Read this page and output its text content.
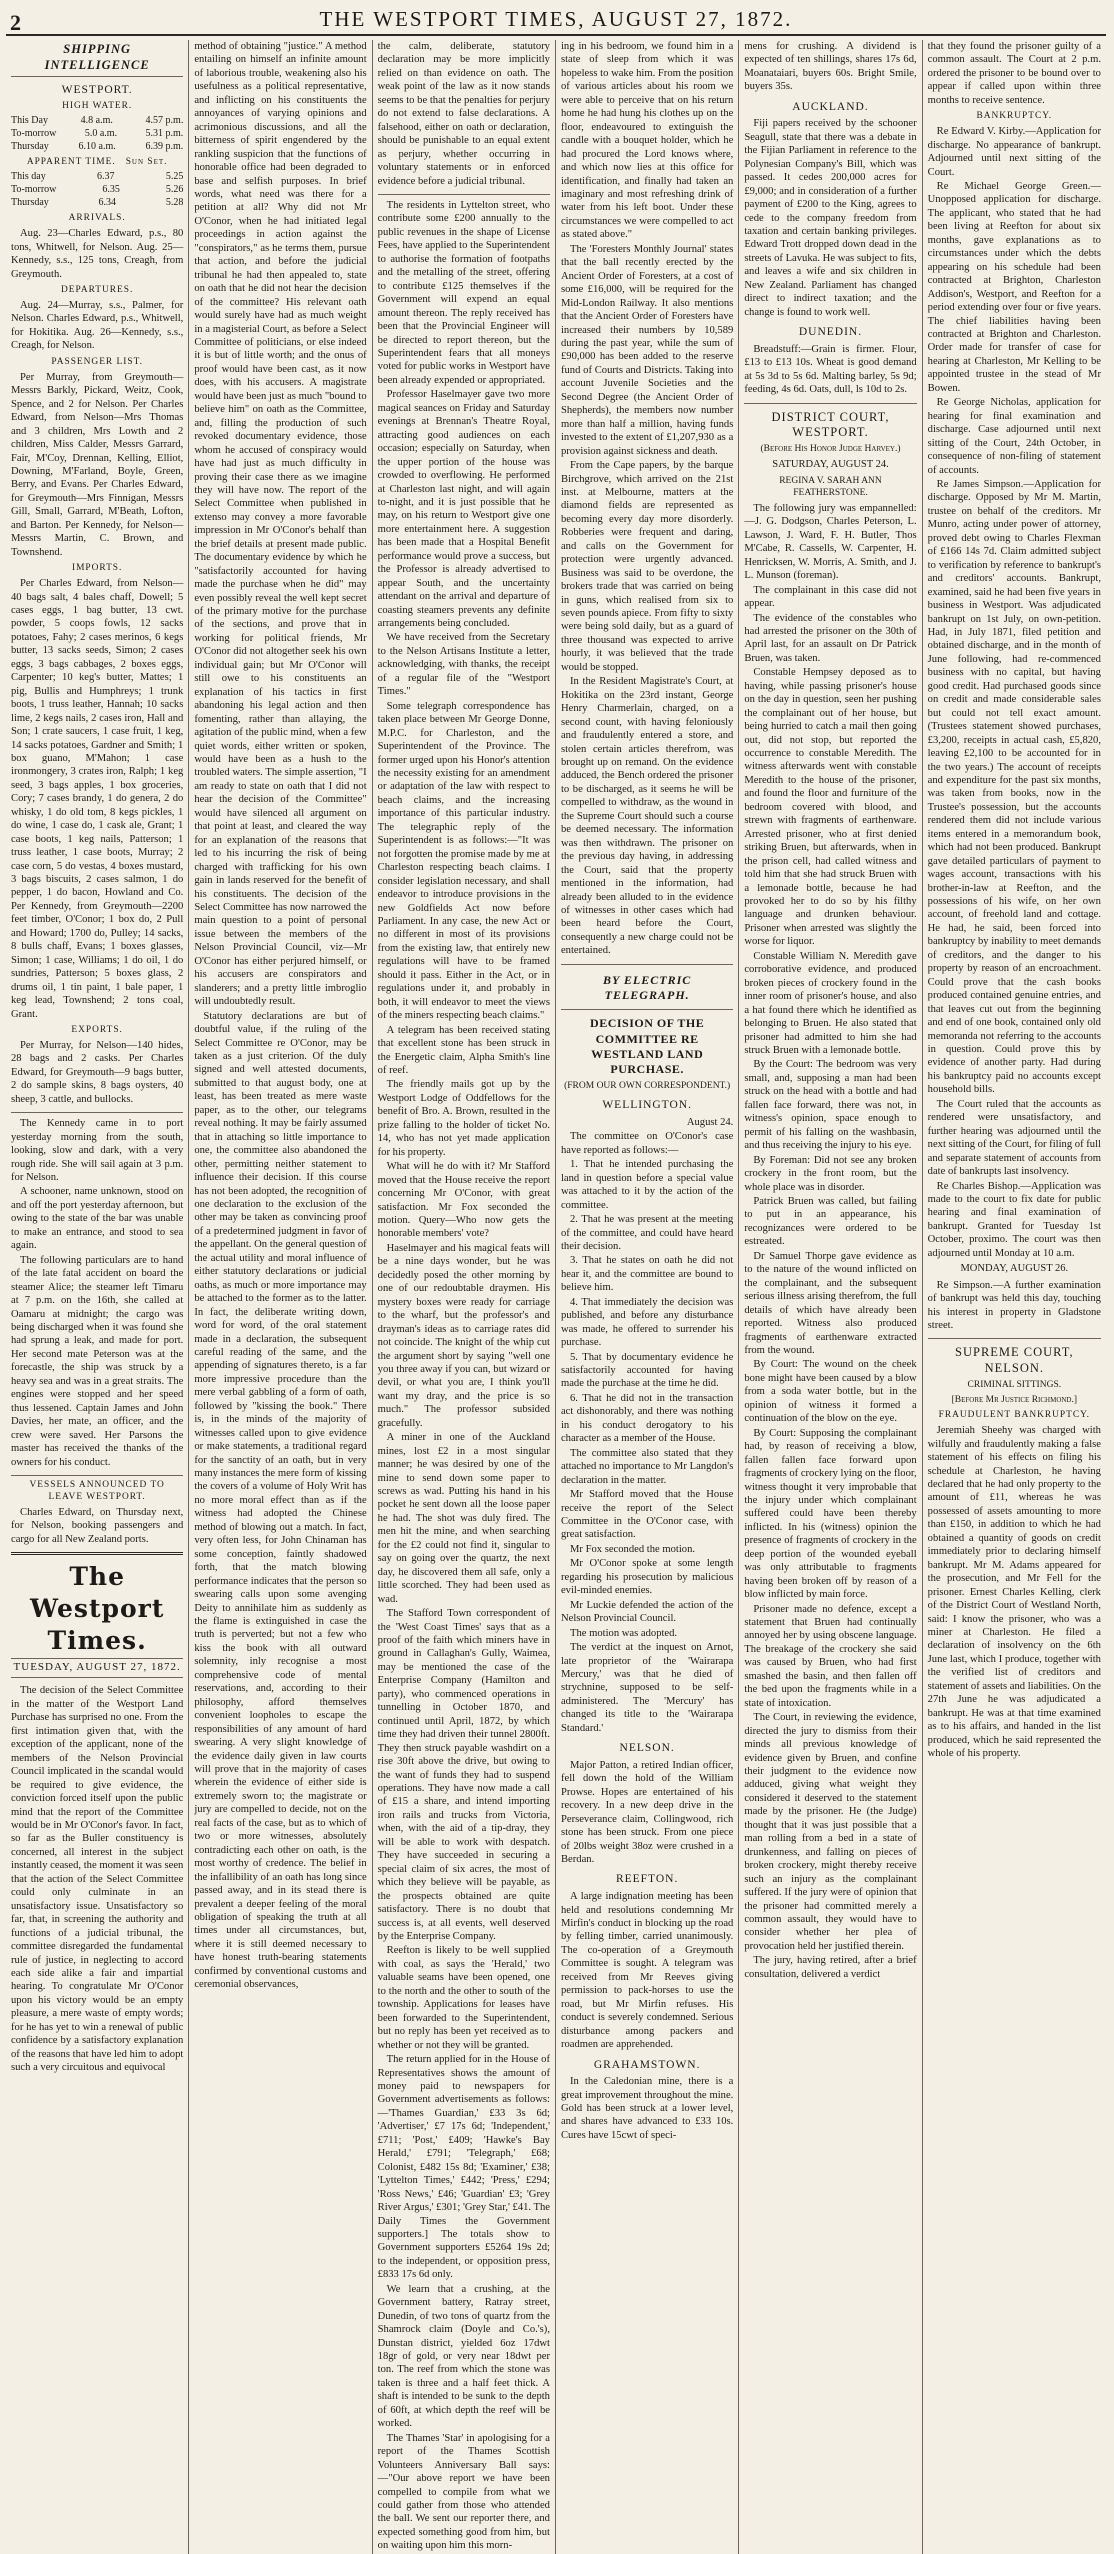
2	THE WESTPORT TIMES, AUGUST 27, 1872.
SHIPPING INTELLIGENCE
WESTPORT.
HIGH WATER.
This Day	4.8 a.m.	4.57 p.m.
To-morrow	5.0 a.m.	5.31 p.m.
Thursday	6.10 a.m.	6.39 p.m.
APPARENT TIME. Sun Set.
This day	6.37	5.25
To-morrow	6.35	5.26
Thursday	6.34	5.28
ARRIVALS.

Aug. 23—Charles Edward, p.s., 80 tons, Whitwell, for Nelson. Aug. 25—Kennedy, s.s., 125 tons, Creagh, from Greymouth.

DEPARTURES.

Aug. 24—Murray, s.s., Palmer, for Nelson. Charles Edward, p.s., Whitwell, for Hokitika. Aug. 26—Kennedy, s.s., Creagh, for Nelson.

PASSENGER LIST.

Per Murray, from Greymouth—Messrs Barkly, Pickard, Weitz, Cook, Spence, and 2 for Nelson. Per Charles Edward, from Nelson—Mrs Thomas and 3 children, Mrs Lowth and 2 children, Miss Calder, Messrs Garrard, Fair, M'Coy, Drennan, Kelling, Elliot, Downing, M'Farland, Boyle, Green, Berry, and Evans. Per Charles Edward, for Greymouth—Mrs Finnigan, Messrs Gill, Small, Garrard, M'Beath, Lofton, and Barton. Per Kennedy, for Nelson—Messrs Martin, C. Brown, and Townshend.

IMPORTS.

Per Charles Edward, from Nelson—40 bags salt, 4 bales chaff, Dowell; 5 cases eggs, 1 bag butter, 13 cwt. powder, 5 coops fowls, 12 sacks potatoes, Fahy; 2 cases merinos, 6 kegs butter, 13 sacks seeds, Simon; 2 cases eggs, 3 bags cabbages, 2 boxes eggs, Carpenter; 10 keg's butter, Mattes; 1 pig, Bullis and Humphreys; 1 trunk boots, 1 truss leather, Hannah; 10 sacks lime, 2 kegs nails, 2 cases iron, Hall and Son; 1 crate saucers, 1 case fruit, 1 keg, 14 sacks potatoes, Gardner and Smith; 1 box guano, M'Mahon; 1 case ironmongery, 3 crates iron, Ralph; 1 keg seed, 3 bags apples, 1 box groceries, Cory; 7 cases brandy, 1 do genera, 2 do whisky, 1 do old tom, 8 kegs pickles, 1 do wine, 1 case do, 1 cask ale, Grant; 1 case boots, 1 keg nails, Patterson; 1 truss leather, 1 case boots, Murray; 2 case corn, 5 do vestas, 4 boxes mustard, 3 bags biscuits, 2 cases salmon, 1 do pepper, 1 do bacon, Howland and Co. Per Kennedy, from Greymouth—2200 feet timber, O'Conor; 1 box do, 2 Pull and Howard; 1700 do, Pulley; 14 sacks, 8 bulls chaff, Evans; 1 boxes glasses, Simon; 1 case, Williams; 1 do oil, 1 do sundries, Patterson; 5 boxes glass, 2 drums oil, 1 tin paint, 1 bale paper, 1 keg lead, Townshend; 2 tons coal, Grant.

EXPORTS.

Per Murray, for Nelson—140 hides, 28 bags and 2 casks. Per Charles Edward, for Greymouth—9 bags butter, 2 do sample skins, 8 bags oysters, 40 sheep, 3 cattle, and bullocks.

The Kennedy came in to port yesterday morning from the south, looking, slow and dark, with a very rough ride. She will sail again at 3 p.m. for Nelson.

A schooner, name unknown, stood on and off the port yesterday afternoon, but owing to the state of the bar was unable to make an entrance, and stood to sea again.

The following particulars are to hand of the late fatal accident on board the steamer Alice; the steamer left Timaru at 7 p.m. on the 16th, she called at Oamaru at midnight; the cargo was being discharged when it was found she had sprung a leak, and made for port. Her second mate Peterson was at the forecastle, the ship was struck by a heavy sea and was in a great straits. The engines were stopped and her speed thus lessened. Captain James and John Davies, her mate, an officer, and the crew were saved. Her Parsons the master has received the thanks of the owners for his conduct.

VESSELS ANNOUNCED TO LEAVE WESTPORT.

Charles Edward, on Thursday next, for Nelson, booking passengers and cargo for all New Zealand ports.

The Westport Times.
TUESDAY, AUGUST 27, 1872.

The decision of the Select Committee in the matter of the Westport Land Purchase has surprised no one. From the first intimation given that, with the exception of the applicant, none of the members of the Nelson Provincial Council implicated in the scandal would be required to give evidence, the conviction forced itself upon the public mind that the report of the Committee would be in Mr O'Conor's favor. In fact, so far as the Buller constituency is concerned, all interest in the subject instantly ceased, the moment it was seen that the action of the Select Committee could only culminate in an unsatisfactory issue. Unsatisfactory so far, that, in screening the authority and functions of a judicial tribunal, the committee disregarded the fundamental rule of justice, in neglecting to accord each side alike a fair and impartial hearing. To congratulate Mr O'Conor upon his victory would be an empty pleasure, a mere waste of empty words; for he has yet to win a renewal of public confidence by a satisfactory explanation of the reasons that have led him to adopt such a very circuitous and equivocal

method of obtaining "justice." A method entailing on himself an infinite amount of laborious trouble, weakening also his usefulness as a political representative, and inflicting on his constituents the annoyances of varying opinions and acrimonious discussions, and all the bitterness of spirit engendered by the rankling suspicion that the functions of honorable office had been degraded to base and selfish purposes. In brief words, what need was there for a petition at all? Why did not Mr O'Conor, when he had initiated legal proceedings in action against the "conspirators," as he terms them, pursue that action, and before the judicial tribunal he had then appealed to, state on oath that he did not hear the decision of the committee? His relevant oath would surely have had as much weight in a magisterial Court, as before a Select Committee of politicians, or else indeed it is but of little worth; and the onus of proof would have been cast, as it now does, with his accusers. A magistrate would have been just as much "bound to believe him" on oath as the Committee, and, filling the production of such revoked documentary evidence, those whom he accused of conspiracy would have had just as much difficulty in proving their case there as we imagine they will have now. The report of the Select Committee when published in extenso may convey a more favorable impression in Mr O'Conor's behalf than the brief details at present made public. The documentary evidence by which he "satisfactorily accounted for having made the purchase when he did" may even possibly reveal the well kept secret of the primary motive for the purchase of the sections, and prove that in working for political friends, Mr O'Conor did not altogether seek his own individual gain; but Mr O'Conor will still owe to his constituents an explanation of his tactics in first abandoning his legal action and then fomenting, rather than allaying, the agitation of the public mind, when a few quiet words, either written or spoken, would have been as a hush to the troubled waters. The simple assertion, "I am ready to state on oath that I did not hear the decision of the Committee" would have silenced all argument on that point at least, and cleared the way for an explanation of the reasons that led to his incurring the risk of being charged with trafficking for his own gain in lands reserved for the benefit of his constituents. The decision of the Select Committee has now narrowed the main question to a point of personal issue between the members of the Nelson Provincial Council, viz—Mr O'Conor has either perjured himself, or his accusers are conspirators and slanderers; and a pretty little imbroglio will undoubtedly result.

Statutory declarations are but of doubtful value, if the ruling of the Select Committee re O'Conor, may be taken as a just criterion. Of the duly signed and well attested documents, submitted to that august body, one at least, has been treated as mere waste paper, as to the other, our telegrams reveal nothing. It may be fairly assumed that in attaching so little importance to one, the committee also abandoned the other, permitting neither statement to influence their decision. If this course has not been adopted, the recognition of one declaration to the exclusion of the other may be taken as convincing proof of a predetermined judgment in favor of the appellant. On the general question of the actual utility and moral influence of either statutory declarations or judicial oaths, as much or more importance may be attached to the former as to the latter. In fact, the deliberate writing down, word for word, of the oral statement made in a declaration, the subsequent careful reading of the same, and the appending of signatures thereto, is a far more impressive procedure than the mere verbal gabbling of a form of oath, followed by "kissing the book." There is, in the minds of the majority of witnesses called upon to give evidence or make statements, a traditional regard for the sanctity of an oath, but in very many instances the mere form of kissing the covers of a volume of Holy Writ has no more moral effect than as if the witness had adopted the Chinese method of blowing out a match. In fact, very often less, for John Chinaman has some conception, faintly shadowed forth, that the match blowing performance indicates that the person so swearing calls upon some avenging Deity to annihilate him as suddenly as the flame is extinguished in case the truth is perverted; but not a few who kiss the book with all outward solemnity, inly recognise a most comprehensive code of mental reservations, and, according to their philosophy, afford themselves convenient loopholes to escape the responsibilities of any amount of hard swearing. A very slight knowledge of the evidence daily given in law courts will prove that in the majority of cases wherein the evidence of either side is extremely sworn to; the magistrate or jury are compelled to decide, not on the real facts of the case, but as to which of two or more witnesses, absolutely contradicting each other on oath, is the most worthy of credence. The belief in the infallibility of an oath has long since passed away, and in its stead there is prevalent a deeper feeling of the moral obligation of speaking the truth at all times under all circumstances, but, where it is still deemed necessary to have honest truth-bearing statements confirmed by conventional customs and ceremonial observances,

the calm, deliberate, statutory declaration may be more implicitly relied on than evidence on oath. The weak point of the law as it now stands seems to be that the penalties for perjury do not extend to false declarations. A falsehood, either on oath or declaration, should be punishable to an equal extent as perjury, whether occurring in voluntary statements or in enforced evidence before a judicial tribunal.

The residents in Lyttelton street, who contribute some £200 annually to the public revenues in the shape of License Fees, have applied to the Superintendent to authorise the formation of footpaths and the metalling of the street, offering to contribute £125 themselves if the Government will expend an equal amount thereon. The reply received has been that the Provincial Engineer will be directed to report thereon, but the Superintendent fears that all moneys voted for public works in Westport have been already expended or appropriated.

Professor Haselmayer gave two more magical seances on Friday and Saturday evenings at Brennan's Theatre Royal, attracting good audiences on each occasion; especially on Saturday, when the upper portion of the house was crowded to overflowing. He performed at Charleston last night, and will again to-night, and it is just possible that he may, on his return to Westport give one more entertainment here. A suggestion has been made that a Hospital Benefit performance would prove a success, but the Professor is already advertised to appear South, and the uncertainty attendant on the arrival and departure of coasting steamers prevents any definite arrangements being concluded.

We have received from the Secretary to the Nelson Artisans Institute a letter, acknowledging, with thanks, the receipt of a regular file of the "Westport Times."

Some telegraph correspondence has taken place between Mr George Donne, M.P.C. for Charleston, and the Superintendent of the Province. The former urged upon his Honor's attention the necessity existing for an amendment or adaptation of the law with respect to beach claims, and the increasing importance of this particular industry. The telegraphic reply of the Superintendent is as follows:—"It was not forgotten the promise made by me at Charleston respecting beach claims. I consider legislation necessary, and shall endeavor to introduce provisions in the new Goldfields Act now before Parliament. In any case, the new Act or no different in most of its provisions from the existing law, that entirely new regulations will have to be framed should it pass. Either in the Act, or in regulations under it, and probably in both, it will endeavor to meet the views of the miners respecting beach claims."

A telegram has been received stating that excellent stone has been struck in the Energetic claim, Alpha Smith's line of reef.

The friendly mails got up by the Westport Lodge of Oddfellows for the benefit of Bro. A. Brown, resulted in the prize falling to the holder of ticket No. 14, who has not yet made application for his property.

What will he do with it? Mr Stafford moved that the House receive the report concerning Mr O'Conor, with great satisfaction. Mr Fox seconded the motion. Query—Who now gets the honorable members' vote?

Haselmayer and his magical feats will be a nine days wonder, but he was decidedly posed the other morning by one of our redoubtable draymen. His mystery boxes were ready for carriage to the wharf, but the professor's and drayman's ideas as to carriage rates did not coincide. The knight of the whip cut the argument short by saying "well one you three away if you can, but wizard or devil, or what you are, I think you'll want my dray, and the price is so much." The professor subsided gracefully.

A miner in one of the Auckland mines, lost £2 in a most singular manner; he was desired by one of the mine to send down some paper to screws as wad. Putting his hand in his pocket he sent down all the loose paper he had. The shot was duly fired. The men hit the mine, and when searching for the £2 could not find it, singular to say on going over the quartz, the next day, he discovered them all safe, only a little scorched. They had been used as wad.

The Stafford Town correspondent of the 'West Coast Times' says that as a proof of the faith which miners have in ground in Callaghan's Gully, Waimea, may be mentioned the case of the Enterprise Company (Hamilton and party), who commenced operations in tunnelling in October 1870, and continued until April, 1872, by which time they had driven their tunnel 2800ft. They then struck payable washdirt on a rise 30ft above the drive, but owing to the want of funds they had to suspend operations. They have now made a call of £15 a share, and intend importing iron rails and trucks from Victoria, when, with the aid of a tip-dray, they will be able to work with despatch. They have succeeded in securing a special claim of six acres, the most of which they believe will be payable, as the prospects obtained are quite satisfactory. There is no doubt that success is, at all events, well deserved by the Enterprise Company.

Reefton is likely to be well supplied with coal, as says the 'Herald,' two valuable seams have been opened, one to the north and the other to south of the township. Applications for leases have been forwarded to the Superintendent, but no reply has been yet received as to whether or not they will be granted.

The return applied for in the House of Representatives shows the amount of money paid to newspapers for Government advertisements as follows:—'Thames Guardian,' £33 3s 6d; 'Advertiser,' £7 17s 6d; 'Independent,' £711; 'Post,' £409; 'Hawke's Bay Herald,' £791; 'Telegraph,' £68; Colonist, £482 15s 8d; 'Examiner,' £38; 'Lyttelton Times,' £442; 'Press,' £294; 'Ross News,' £46; 'Guardian' £3; 'Grey River Argus,' £301; 'Grey Star,' £41. The Daily Times the Government supporters.] The totals show to Government supporters £5264 19s 2d; to the independent, or opposition press, £833 17s 6d only.

We learn that a crushing, at the Government battery, Ratray street, Dunedin, of two tons of quartz from the Shamrock claim (Doyle and Co.'s), Dunstan district, yielded 6oz 17dwt 18gr of gold, or very near 18dwt per ton. The reef from which the stone was taken is three and a half feet thick. A shaft is intended to be sunk to the depth of 60ft, at which depth the reef will be worked.

The Thames 'Star' in apologising for a report of the Thames Scottish Volunteers Anniversary Ball says:—"Our above report we have been compelled to compile from what we could gather from those who attended the ball. We sent our reporter there, and expected something good from him, but on waiting upon him this morn-

ing in his bedroom, we found him in a state of sleep from which it was hopeless to wake him. From the position of various articles about his room we were able to perceive that on his return home he had hung his clothes up on the floor, endeavoured to extinguish the candle with a bouquet holder, which he had procured the Lord knows where, and which now lies at this office for identification, and finally had taken an imaginary and most refreshing drink of water from his left boot. Under these circumstances we were compelled to act as stated above."

The 'Foresters Monthly Journal' states that the ball recently erected by the Ancient Order of Foresters, at a cost of some £16,000, will be required for the Mid-London Railway. It also mentions that the Ancient Order of Foresters have increased their numbers by 10,589 during the past year, while the sum of £90,000 has been added to the reserve fund of Courts and Districts. Taking into account Juvenile Societies and the Second Degree (the Ancient Order of Shepherds), the members now number more than half a million, having funds invested to the extent of £1,207,930 as a provision against sickness and death.

From the Cape papers, by the barque Birchgrove, which arrived on the 21st inst. at Melbourne, matters at the diamond fields are represented as becoming every day more disorderly. Robberies were frequent and daring, and calls on the Government for protection were urgently advanced. Business was said to be overdone, the brokers trade that was carried on being in guns, which realised from six to seven pounds apiece. From fifty to sixty were being sold daily, but as a guard of three thousand was expected to arrive hourly, it was believed that the trade would be stopped.

In the Resident Magistrate's Court, at Hokitika on the 23rd instant, George Henry Charmerlain, charged, on a second count, with having feloniously and fraudulently entered a store, and stolen certain articles therefrom, was brought up on remand. On the evidence adduced, the Bench ordered the prisoner to be discharged, as it seems he will be compelled to withdraw, as the wound in the Supreme Court should such a course be deemed necessary. The information was then withdrawn. The prisoner on the previous day having, in addressing the Court, said that the property mentioned in the information, had already been alluded to in the evidence of witnesses in other cases which had been heard before the Court, consequently a new charge could not be entertained.

BY ELECTRIC TELEGRAPH.
DECISION OF THE COMMITTEE RE WESTLAND LAND PURCHASE.
(FROM OUR OWN CORRESPONDENT.)
WELLINGTON.

August 24.

The committee on O'Conor's case have reported as follows:—

1. That he intended purchasing the land in question before a special value was attached to it by the action of the committee.

2. That he was present at the meeting of the committee, and could have heard their decision.

3. That he states on oath he did not hear it, and the committee are bound to believe him.

4. That immediately the decision was published, and before any disturbance was made, he offered to surrender his purchase.

5. That by documentary evidence he satisfactorily accounted for having made the purchase at the time he did.

6. That he did not in the transaction act dishonorably, and there was nothing in his conduct derogatory to his character as a member of the House.

The committee also stated that they attached no importance to Mr Langdon's declaration in the matter.

Mr Stafford moved that the House receive the report of the Select Committee in the O'Conor case, with great satisfaction.

Mr Fox seconded the motion.

Mr O'Conor spoke at some length regarding his prosecution by malicious evil-minded enemies.

Mr Luckie defended the action of the Nelson Provincial Council.

The motion was adopted.

The verdict at the inquest on Arnot, late proprietor of the 'Wairarapa Mercury,' was that he died of strychnine, supposed to be self-administered. The 'Mercury' has changed its title to the 'Wairarapa Standard.'

NELSON.

Major Patton, a retired Indian officer, fell down the hold of the William Prowse. Hopes are entertained of his recovery. In a new deep drive in the Perseverance claim, Collingwood, rich stone has been struck. From one piece of 20lbs weight 38oz were crushed in a Berdan.

REEFTON.

A large indignation meeting has been held and resolutions condemning Mr Mirfin's conduct in blocking up the road by felling timber, carried unanimously. The co-operation of a Greymouth Committee is sought. A telegram was received from Mr Reeves giving permission to pack-horses to use the road, but Mr Mirfin refuses. His conduct is severely condemned. Serious disturbance among packers and roadmen are apprehended.

GRAHAMSTOWN.

In the Caledonian mine, there is a great improvement throughout the mine. Gold has been struck at a lower level, and shares have advanced to £33 10s. Cures have 15cwt of speci-

mens for crushing. A dividend is expected of ten shillings, shares 17s 6d, Moanataiari, buyers 60s. Bright Smile, buyers 35s.

AUCKLAND.

Fiji papers received by the schooner Seagull, state that there was a debate in the Fijian Parliament in reference to the Polynesian Company's Bill, which was passed. It cedes 200,000 acres for £9,000; and in consideration of a further payment of £200 to the King, agrees to cede to the company freedom from taxation and certain banking privileges. Edward Trott dropped down dead in the streets of Lavuka. He was subject to fits, and leaves a wife and six children in New Zealand. Parliament has changed direct to indirect taxation; and the change is found to work well.

DUNEDIN.

Breadstuff:—Grain is firmer. Flour, £13 to £13 10s. Wheat is good demand at 5s 3d to 5s 6d. Malting barley, 5s 9d; feeding, 4s 6d. Oats, dull, ls 10d to 2s.

DISTRICT COURT, WESTPORT.
(Before His Honor Judge Harvey.)
SATURDAY, AUGUST 24.
REGINA V. SARAH ANN FEATHERSTONE.

The following jury was empannelled:—J. G. Dodgson, Charles Peterson, L. Lawson, J. Ward, F. H. Butler, Thos M'Cabe, R. Cassells, W. Carpenter, H. Henricksen, W. Morris, A. Smith, and J. L. Munson (foreman).

The complainant in this case did not appear.

The evidence of the constables who had arrested the prisoner on the 30th of April last, for an assault on Dr Patrick Bruen, was taken.

Constable Hempsey deposed as to having, while passing prisoner's house on the day in question, seen her pushing the complainant out of her house, but being hurried to catch a mail then going out, did not stop, but reported the occurrence to constable Meredith. The witness afterwards went with constable Meredith to the house of the prisoner, and found the floor and furniture of the bedroom covered with blood, and strewn with fragments of earthenware. Arrested prisoner, who at first denied striking Bruen, but afterwards, when in the prison cell, had called witness and told him that she had struck Bruen with a lemonade bottle, because he had provoked her to do so by his filthy language and drunken behaviour. Prisoner when arrested was slightly the worse for liquor.

Constable William N. Meredith gave corroborative evidence, and produced broken pieces of crockery found in the inner room of prisoner's house, and also a hat found there which he identified as belonging to Bruen. He also stated that prisoner had admitted to him she had struck Bruen with a lemonade bottle.

By the Court: The bedroom was very small, and, supposing a man had been struck on the head with a bottle and had fallen face forward, there was not, in witness's opinion, space enough to permit of his falling on the washbasin, and thus receiving the injury to his eye.

By Foreman: Did not see any broken crockery in the front room, but the whole place was in disorder.

Patrick Bruen was called, but failing to put in an appearance, his recognizances were ordered to be estreated.

Dr Samuel Thorpe gave evidence as to the nature of the wound inflicted on the complainant, and the subsequent serious illness arising therefrom, the full details of which have already been reported. Witness also produced fragments of earthenware extracted from the wound.

By Court: The wound on the cheek bone might have been caused by a blow from a soda water bottle, but in the opinion of witness it formed a continuation of the blow on the eye.

By Court: Supposing the complainant had, by reason of receiving a blow, fallen fallen face forward upon fragments of crockery lying on the floor, witness thought it very improbable that the injury under which complainant suffered could have been thereby inflicted. In his (witness) opinion the presence of fragments of crockery in the deep portion of the wounded eyeball was only attributable to fragments having been broken off by reason of a blow inflicted by main force.

Prisoner made no defence, except a statement that Bruen had continually annoyed her by using obscene language. The breakage of the crockery she said was caused by Bruen, who had first smashed the basin, and then fallen off the bed upon the fragments while in a state of intoxication.

The Court, in reviewing the evidence, directed the jury to dismiss from their minds all previous knowledge of evidence given by Bruen, and confine their judgment to the evidence now adduced, giving what weight they considered it deserved to the statement made by the prisoner. He (the Judge) thought that it was just possible that a man rolling from a bed in a state of drunkenness, and falling on pieces of broken crockery, might thereby receive such an injury as the complainant suffered. If the jury were of opinion that the prisoner had committed merely a common assault, they would have to consider whether her plea of provocation held her justified therein.

The jury, having retired, after a brief consultation, delivered a verdict

that they found the prisoner guilty of a common assault. The Court at 2 p.m. ordered the prisoner to be bound over to appear if called upon within three months to receive sentence.

BANKRUPTCY.

Re Edward V. Kirby.—Application for discharge. No appearance of bankrupt. Adjourned until next sitting of the Court.

Re Michael George Green.—Unopposed application for discharge. The applicant, who stated that he had been living at Reefton for about six months, gave explanations as to circumstances under which the debts appearing on his schedule had been contracted at Brighton, Charleston Addison's, Westport, and Reefton for a period extending over four or five years. The chief liabilities having been contracted at Brighton and Charleston. Order made for transfer of case for hearing at Charleston, Mr Kelling to be appointed trustee in the stead of Mr Bowen.

Re George Nicholas, application for hearing for final examination and discharge. Case adjourned until next sitting of the Court, 24th October, in consequence of non-filing of statement of accounts.

Re James Simpson.—Application for discharge. Opposed by Mr M. Martin, trustee on behalf of the creditors. Mr Munro, acting under power of attorney, proved debt owing to Charles Flexman of £166 14s 7d. Claim admitted subject to verification by reference to bankrupt's and creditors' accounts. Bankrupt, examined, said he had been five years in business in Westport. Was adjudicated bankrupt on 1st July, on own-petition. Had, in July 1871, filed petition and obtained discharge, and in the month of June following, had re-commenced business with no capital, but having good credit. Had purchased goods since on credit and made considerable sales but could not tell exact amount. (Trustees statement showed purchases, £3,200, receipts in actual cash, £5,820, leaving £2,100 to be accounted for in the two years.) The account of receipts and expenditure for the past six months, was taken from books, now in the Trustee's possession, but the accounts rendered them did not include various items entered in a memorandum book, which had not been produced. Bankrupt gave detailed particulars of payment to wages account, transactions with his brother-in-law at Reefton, and the possessions of his wife, on her own account, of freehold land and cottage. He had, he said, been forced into bankruptcy by inability to meet demands of creditors, and the danger to his property by reason of an encroachment. Could prove that the cash books produced contained genuine entries, and that leaves cut out from the beginning and end of one book, contained only old memoranda not referring to the accounts in question. Could prove this by evidence of another party. Had during his bankruptcy paid no accounts except household bills.

The Court ruled that the accounts as rendered were unsatisfactory, and further hearing was adjourned until the next sitting of the Court, for filing of full and separate statement of accounts from date of bankrupts last insolvency.

Re Charles Bishop.—Application was made to the court to fix date for public hearing and final examination of bankrupt. Granted for Tuesday 1st October, proximo. The court was then adjourned until Monday at 10 a.m.

MONDAY, AUGUST 26.

Re Simpson.—A further examination of bankrupt was held this day, touching his interest in property in Gladstone street.

SUPREME COURT, NELSON.
CRIMINAL SITTINGS.
[Before Mr Justice Richmond.]
FRAUDULENT BANKRUPTCY.

Jeremiah Sheehy was charged with wilfully and fraudulently making a false statement of his effects on filing his schedule at Charleston, he having declared that he had only property to the amount of £11, whereas he was possessed of assets amounting to more than £150, in addition to which he had obtained a quantity of goods on credit immediately prior to declaring himself bankrupt. Mr M. Adams appeared for the prosecution, and Mr Fell for the prisoner. Ernest Charles Kelling, clerk of the District Court of Westland North, said: I know the prisoner, who was a miner at Charleston. He filed a declaration of insolvency on the 6th June last, which I produce, together with the verified list of creditors and statement of assets and liabilities. On the 27th June he was adjudicated a bankrupt. He was at that time examined as to his affairs, and handed in the list produced, which he said represented the whole of his property.
